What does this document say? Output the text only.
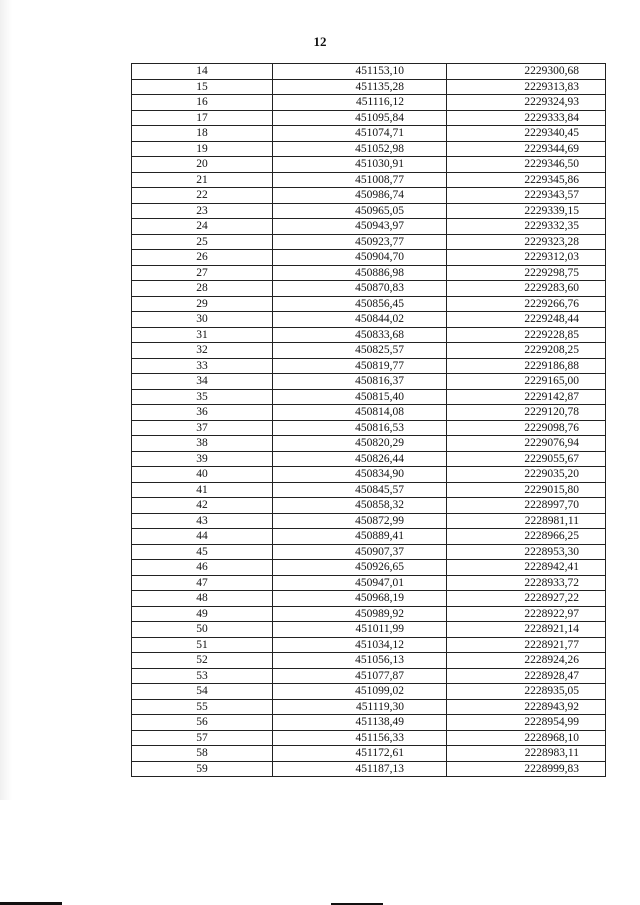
12
14	451153,10	2229300,68
15	451135,28	2229313,83
16	451116,12	2229324,93
17	451095,84	2229333,84
18	451074,71	2229340,45
19	451052,98	2229344,69
20	451030,91	2229346,50
21	451008,77	2229345,86
22	450986,74	2229343,57
23	450965,05	2229339,15
24	450943,97	2229332,35
25	450923,77	2229323,28
26	450904,70	2229312,03
27	450886,98	2229298,75
28	450870,83	2229283,60
29	450856,45	2229266,76
30	450844,02	2229248,44
31	450833,68	2229228,85
32	450825,57	2229208,25
33	450819,77	2229186,88
34	450816,37	2229165,00
35	450815,40	2229142,87
36	450814,08	2229120,78
37	450816,53	2229098,76
38	450820,29	2229076,94
39	450826,44	2229055,67
40	450834,90	2229035,20
41	450845,57	2229015,80
42	450858,32	2228997,70
43	450872,99	2228981,11
44	450889,41	2228966,25
45	450907,37	2228953,30
46	450926,65	2228942,41
47	450947,01	2228933,72
48	450968,19	2228927,22
49	450989,92	2228922,97
50	451011,99	2228921,14
51	451034,12	2228921,77
52	451056,13	2228924,26
53	451077,87	2228928,47
54	451099,02	2228935,05
55	451119,30	2228943,92
56	451138,49	2228954,99
57	451156,33	2228968,10
58	451172,61	2228983,11
59	451187,13	2228999,83
